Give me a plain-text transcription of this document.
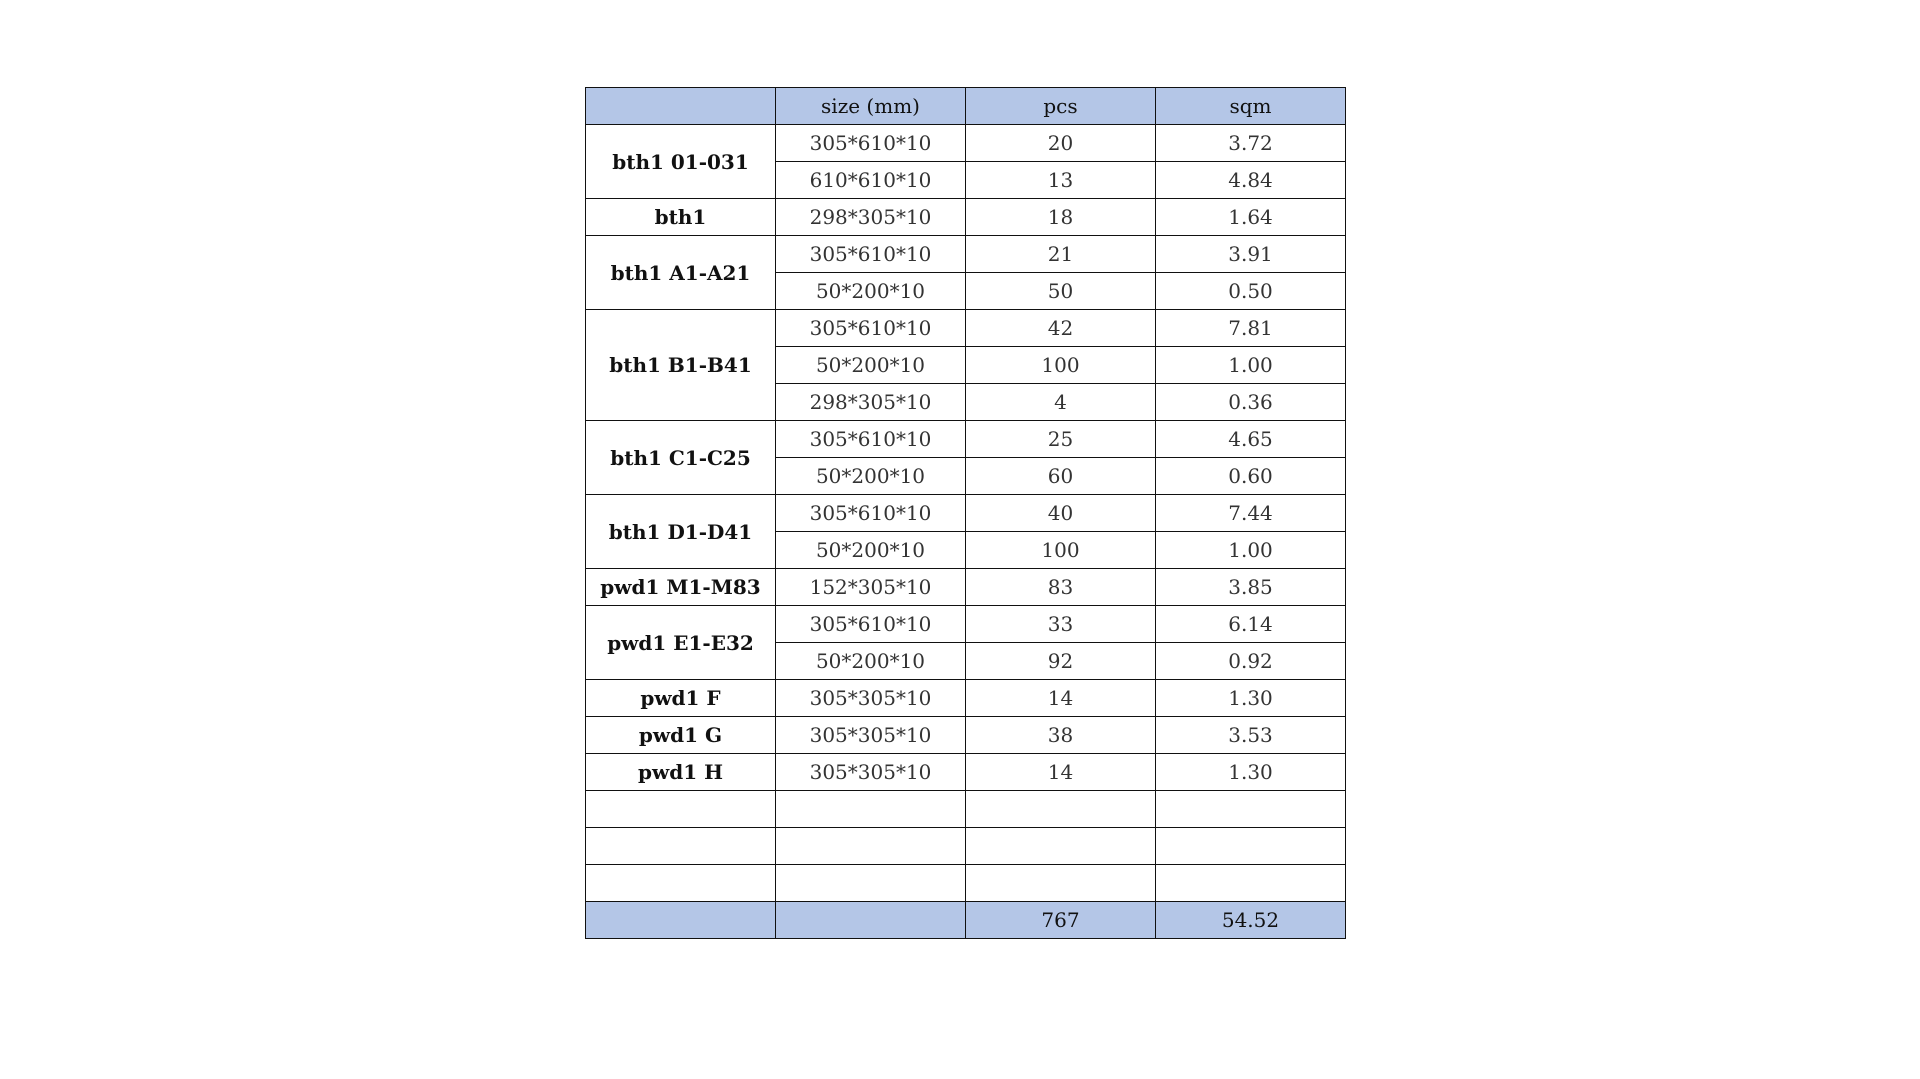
	size (mm)	pcs	sqm
bth1 01-031	305*610*10	20	3.72
	610*610*10	13	4.84
bth1	298*305*10	18	1.64
bth1 A1-A21	305*610*10	21	3.91
	50*200*10	50	0.50
bth1 B1-B41	305*610*10	42	7.81
	50*200*10	100	1.00
	298*305*10	4	0.36
bth1 C1-C25	305*610*10	25	4.65
	50*200*10	60	0.60
bth1 D1-D41	305*610*10	40	7.44
	50*200*10	100	1.00
pwd1 M1-M83	152*305*10	83	3.85
pwd1 E1-E32	305*610*10	33	6.14
	50*200*10	92	0.92
pwd1 F	305*305*10	14	1.30
pwd1 G	305*305*10	38	3.53
pwd1 H	305*305*10	14	1.30

		767	54.52
